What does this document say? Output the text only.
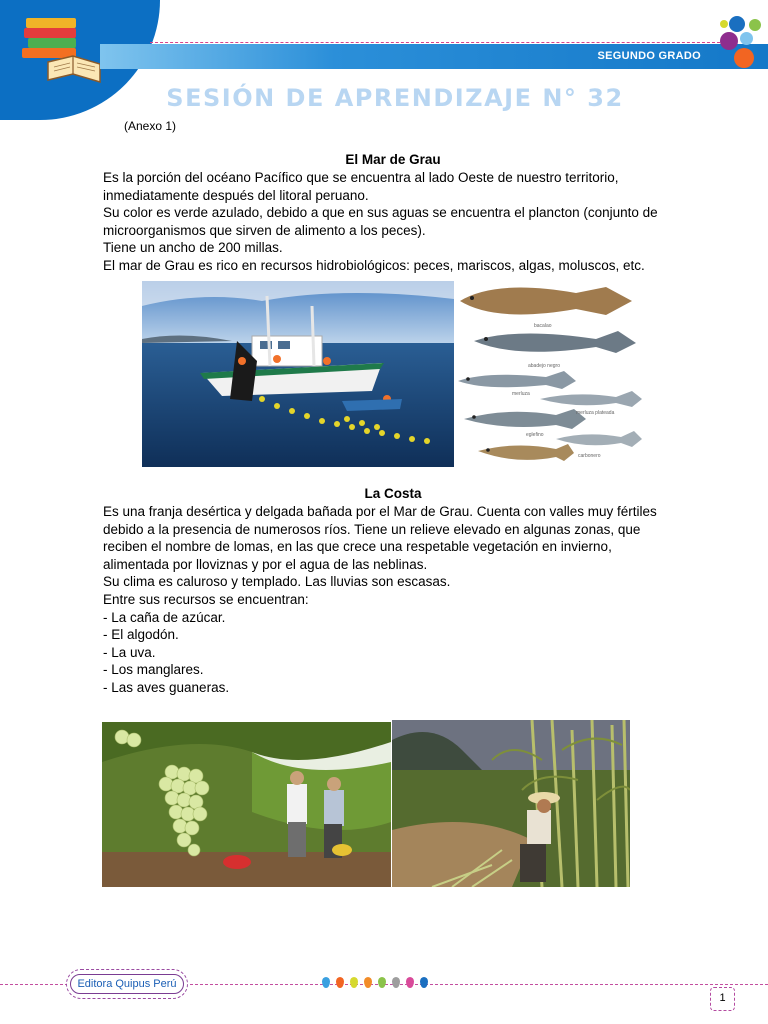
SEGUNDO GRADO
SESIÓN DE APRENDIZAJE N° 32
(Anexo 1)
El Mar de Grau
Es la porción del océano Pacífico que se encuentra al lado Oeste de nuestro territorio,
inmediatamente después del litoral peruano.
Su color es verde azulado, debido a que en sus aguas se encuentra el plancton (conjunto de
microorganismos que sirven de alimento a los peces).
Tiene un ancho de 200 millas.
El mar de Grau es rico en recursos hidrobiológicos: peces, mariscos, algas, moluscos, etc.
bacalao
abadejo negro
merluza
merluza plateada
eglefino
carbonero
La Costa
Es una franja desértica y delgada bañada por el Mar de Grau. Cuenta con valles muy fértiles
debido a la presencia de numerosos ríos. Tiene un relieve elevado en algunas zonas, que
reciben el nombre de lomas, en las que crece una respetable vegetación en invierno,
alimentada por lloviznas y por el agua de las neblinas.
Su clima es caluroso y templado. Las lluvias son escasas.
Entre sus recursos se encuentran:
- La caña de azúcar.
- El algodón.
- La uva.
- Los manglares.
- Las aves guaneras.
Editora Quipus Perú
1
